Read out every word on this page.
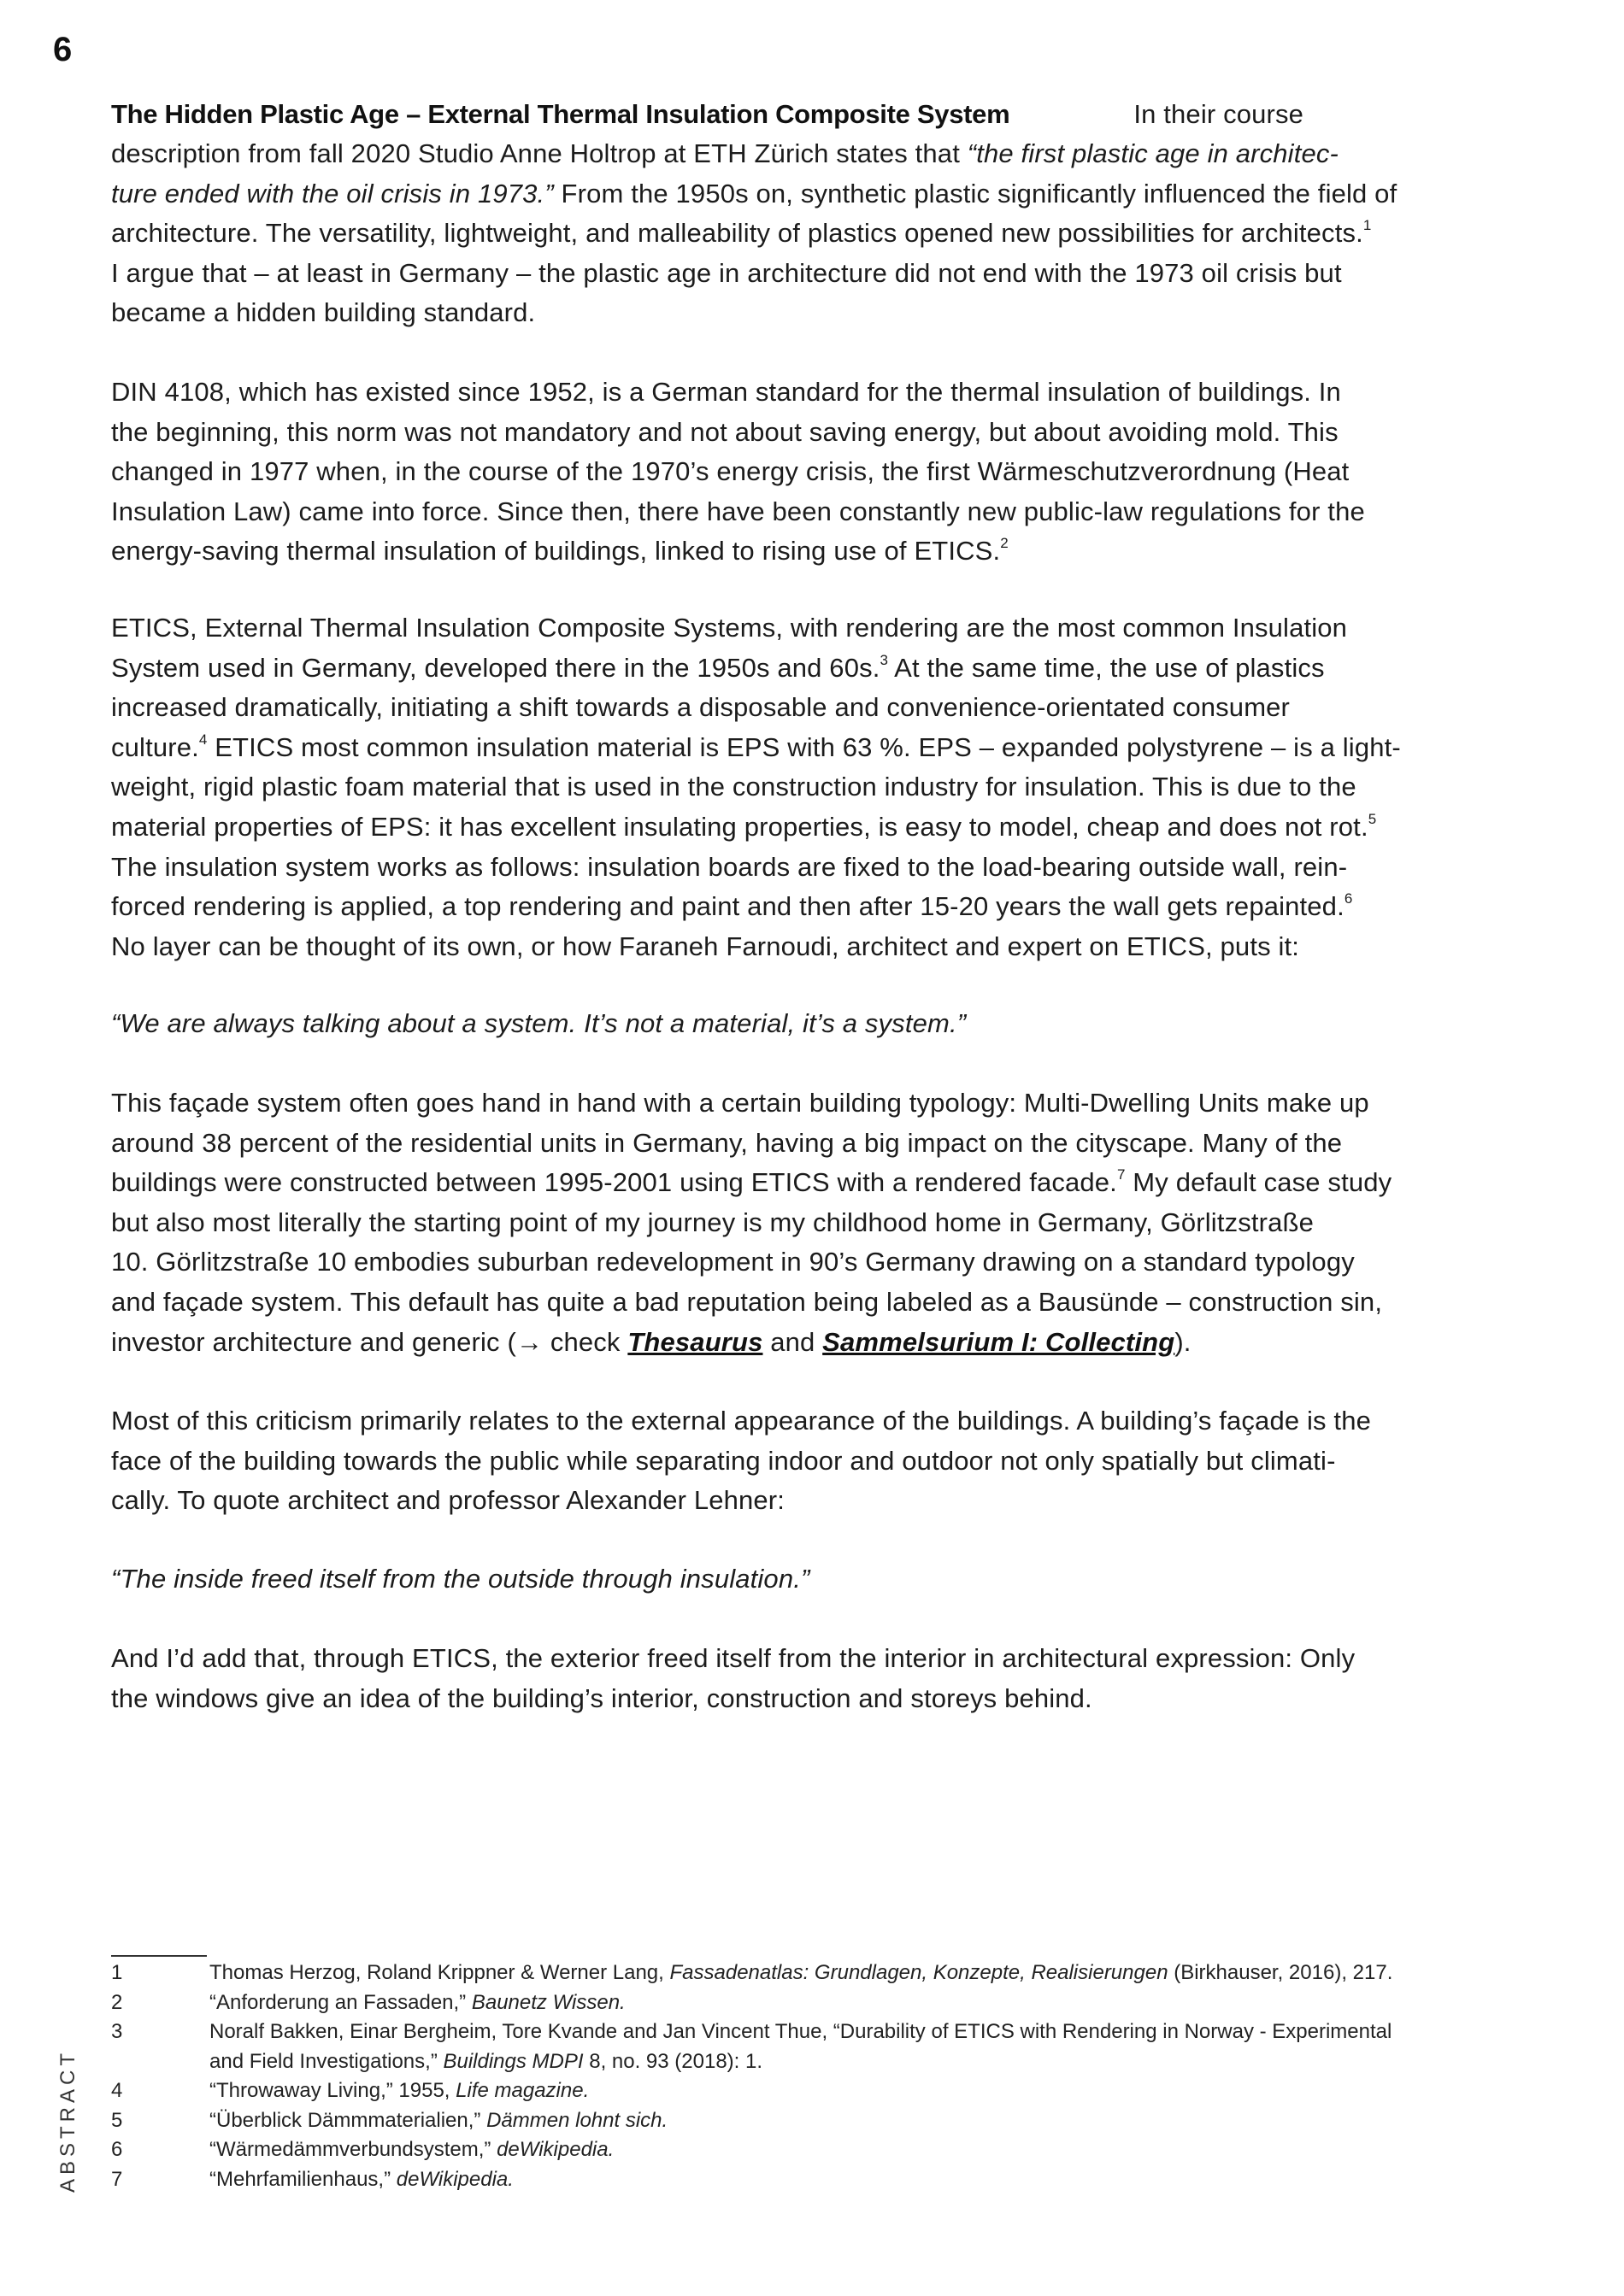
6
The Hidden Plastic Age – External Thermal Insulation Composite System	In their course
description from fall 2020 Studio Anne Holtrop at ETH Zürich states that “the first plastic age in architec-
ture ended with the oil crisis in 1973.” From the 1950s on, synthetic plastic significantly influenced the field of
architecture. The versatility, lightweight, and malleability of plastics opened new possibilities for architects.$^1$
I argue that – at least in Germany – the plastic age in architecture did not end with the 1973 oil crisis but
became a hidden building standard.
DIN 4108, which has existed since 1952, is a German standard for the thermal insulation of buildings. In
the beginning, this norm was not mandatory and not about saving energy, but about avoiding mold. This
changed in 1977 when, in the course of the 1970’s energy crisis, the first Wärmeschutzverordnung (Heat
Insulation Law) came into force. Since then, there have been constantly new public-law regulations for the
energy-saving thermal insulation of buildings, linked to rising use of ETICS.$^2$
ETICS, External Thermal Insulation Composite Systems, with rendering are the most common Insulation
System used in Germany, developed there in the 1950s and 60s.$^3$ At the same time, the use of plastics
increased dramatically, initiating a shift towards a disposable and convenience-orientated consumer
culture.$^4$ ETICS most common insulation material is EPS with 63 %. EPS – expanded polystyrene – is a light-
weight, rigid plastic foam material that is used in the construction industry for insulation. This is due to the
material properties of EPS: it has excellent insulating properties, is easy to model, cheap and does not rot.$^5$
The insulation system works as follows: insulation boards are fixed to the load-bearing outside wall, rein-
forced rendering is applied, a top rendering and paint and then after 15-20 years the wall gets repainted.$^6$
No layer can be thought of its own, or how Faraneh Farnoudi, architect and expert on ETICS, puts it:
“We are always talking about a system. It’s not a material, it’s a system.”
This façade system often goes hand in hand with a certain building typology: Multi-Dwelling Units make up
around 38 percent of the residential units in Germany, having a big impact on the cityscape. Many of the
buildings were constructed between 1995-2001 using ETICS with a rendered facade.$^7$ My default case study
but also most literally the starting point of my journey is my childhood home in Germany, Görlitzstraße
10. Görlitzstraße 10 embodies suburban redevelopment in 90’s Germany drawing on a standard typology
and façade system. This default has quite a bad reputation being labeled as a Bausünde – construction sin,
investor architecture and generic (→ check Thesaurus and Sammelsurium I: Collecting).
Most of this criticism primarily relates to the external appearance of the buildings. A building’s façade is the
face of the building towards the public while separating indoor and outdoor not only spatially but climati-
cally. To quote architect and professor Alexander Lehner:
“The inside freed itself from the outside through insulation.”
And I’d add that, through ETICS, the exterior freed itself from the interior in architectural expression: Only
the windows give an idea of the building’s interior, construction and storeys behind.
1	Thomas Herzog, Roland Krippner & Werner Lang, Fassadenatlas: Grundlagen, Konzepte, Realisierungen (Birkhauser, 2016), 217.
2	“Anforderung an Fassaden,” Baunetz Wissen.
3	Noralf Bakken, Einar Bergheim, Tore Kvande and Jan Vincent Thue, “Durability of ETICS with Rendering in Norway - Experimental
and Field Investigations,” Buildings MDPI 8, no. 93 (2018): 1.
4	“Throwaway Living,” 1955, Life magazine.
5	“Überblick Dämmmaterialien,” Dämmen lohnt sich.
6	“Wärmedämmverbundsystem,” deWikipedia.
7	“Mehrfamilienhaus,” deWikipedia.
ABSTRACT
